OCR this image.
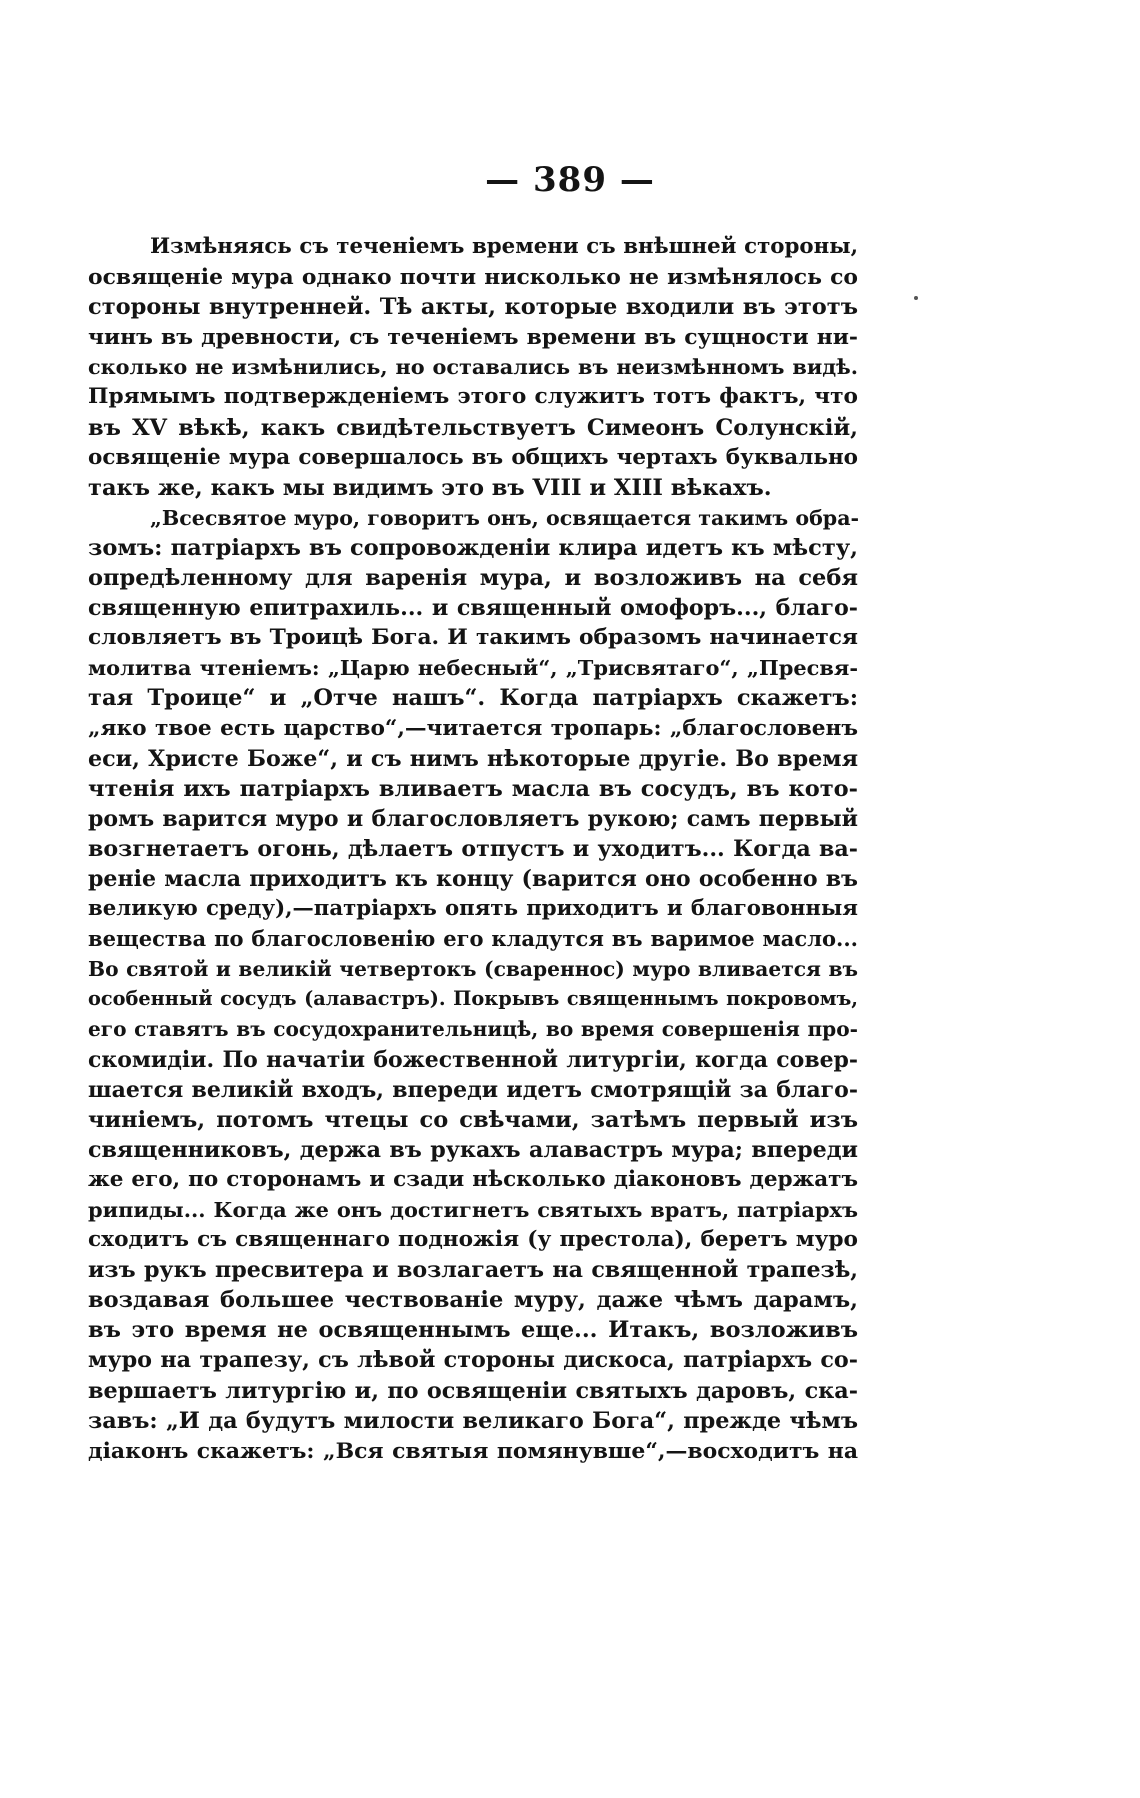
— 389 —

Измѣняясь съ теченіемъ времени съ внѣшней стороны,
освященіе мура однако почти нисколько не измѣнялось со
стороны внутренней. Тѣ акты, которые входили въ этотъ
чинъ въ древности, съ теченіемъ времени въ сущности ни-
сколько не измѣнились, но оставались въ неизмѣнномъ видѣ.
Прямымъ подтвержденіемъ этого служитъ тотъ фактъ, что
въ XV вѣкѣ, какъ свидѣтельствуетъ Симеонъ Солунскій,
освященіе мура совершалось въ общихъ чертахъ буквально
такъ же, какъ мы видимъ это въ VIII и XIII вѣкахъ.

„Всесвятое муро, говоритъ онъ, освящается такимъ обра-
зомъ: патріархъ въ сопровожденіи клира идетъ къ мѣсту,
опредѣленному для варенія мура, и возложивъ на себя
священную епитрахиль... и священный омофоръ..., благо-
словляетъ въ Троицѣ Бога. И такимъ образомъ начинается
молитва чтеніемъ: „Царю небесный“, „Трисвятаго“, „Пресвя-
тая Троице“ и „Отче нашъ“. Когда патріархъ скажетъ:
„яко твое есть царство“,—читается тропарь: „благословенъ
еси, Христе Боже“, и съ нимъ нѣкоторые другіе. Во время
чтенія ихъ патріархъ вливаетъ масла въ сосудъ, въ кото-
ромъ варится муро и благословляетъ рукою; самъ первый
возгнетаетъ огонь, дѣлаетъ отпустъ и уходитъ... Когда ва-
реніе масла приходитъ къ концу (варится оно особенно въ
великую среду),—патріархъ опять приходитъ и благовонныя
вещества по благословенію его кладутся въ варимое масло...
Во святой и великій четвертокъ (свареннос) муро вливается въ
особенный сосудъ (алавастръ). Покрывъ священнымъ покровомъ,
его ставятъ въ сосудохранительницѣ, во время совершенія про-
скомидіи. По начатіи божественной литургіи, когда совер-
шается великій входъ, впереди идетъ смотрящій за благо-
чиніемъ, потомъ чтецы со свѣчами, затѣмъ первый изъ
священниковъ, держа въ рукахъ алавастръ мура; впереди
же его, по сторонамъ и сзади нѣсколько діаконовъ держатъ
рипиды... Когда же онъ достигнетъ святыхъ вратъ, патріархъ
сходитъ съ священнаго подножія (у престола), беретъ муро
изъ рукъ пресвитера и возлагаетъ на священной трапезѣ,
воздавая большее чествованіе муру, даже чѣмъ дарамъ,
въ это время не освященнымъ еще... Итакъ, возложивъ
муро на трапезу, съ лѣвой стороны дискоса, патріархъ со-
вершаетъ литургію и, по освященіи святыхъ даровъ, ска-
завъ: „И да будутъ милости великаго Бога“, прежде чѣмъ
діаконъ скажетъ: „Вся святыя помянувше“,—восходитъ на
